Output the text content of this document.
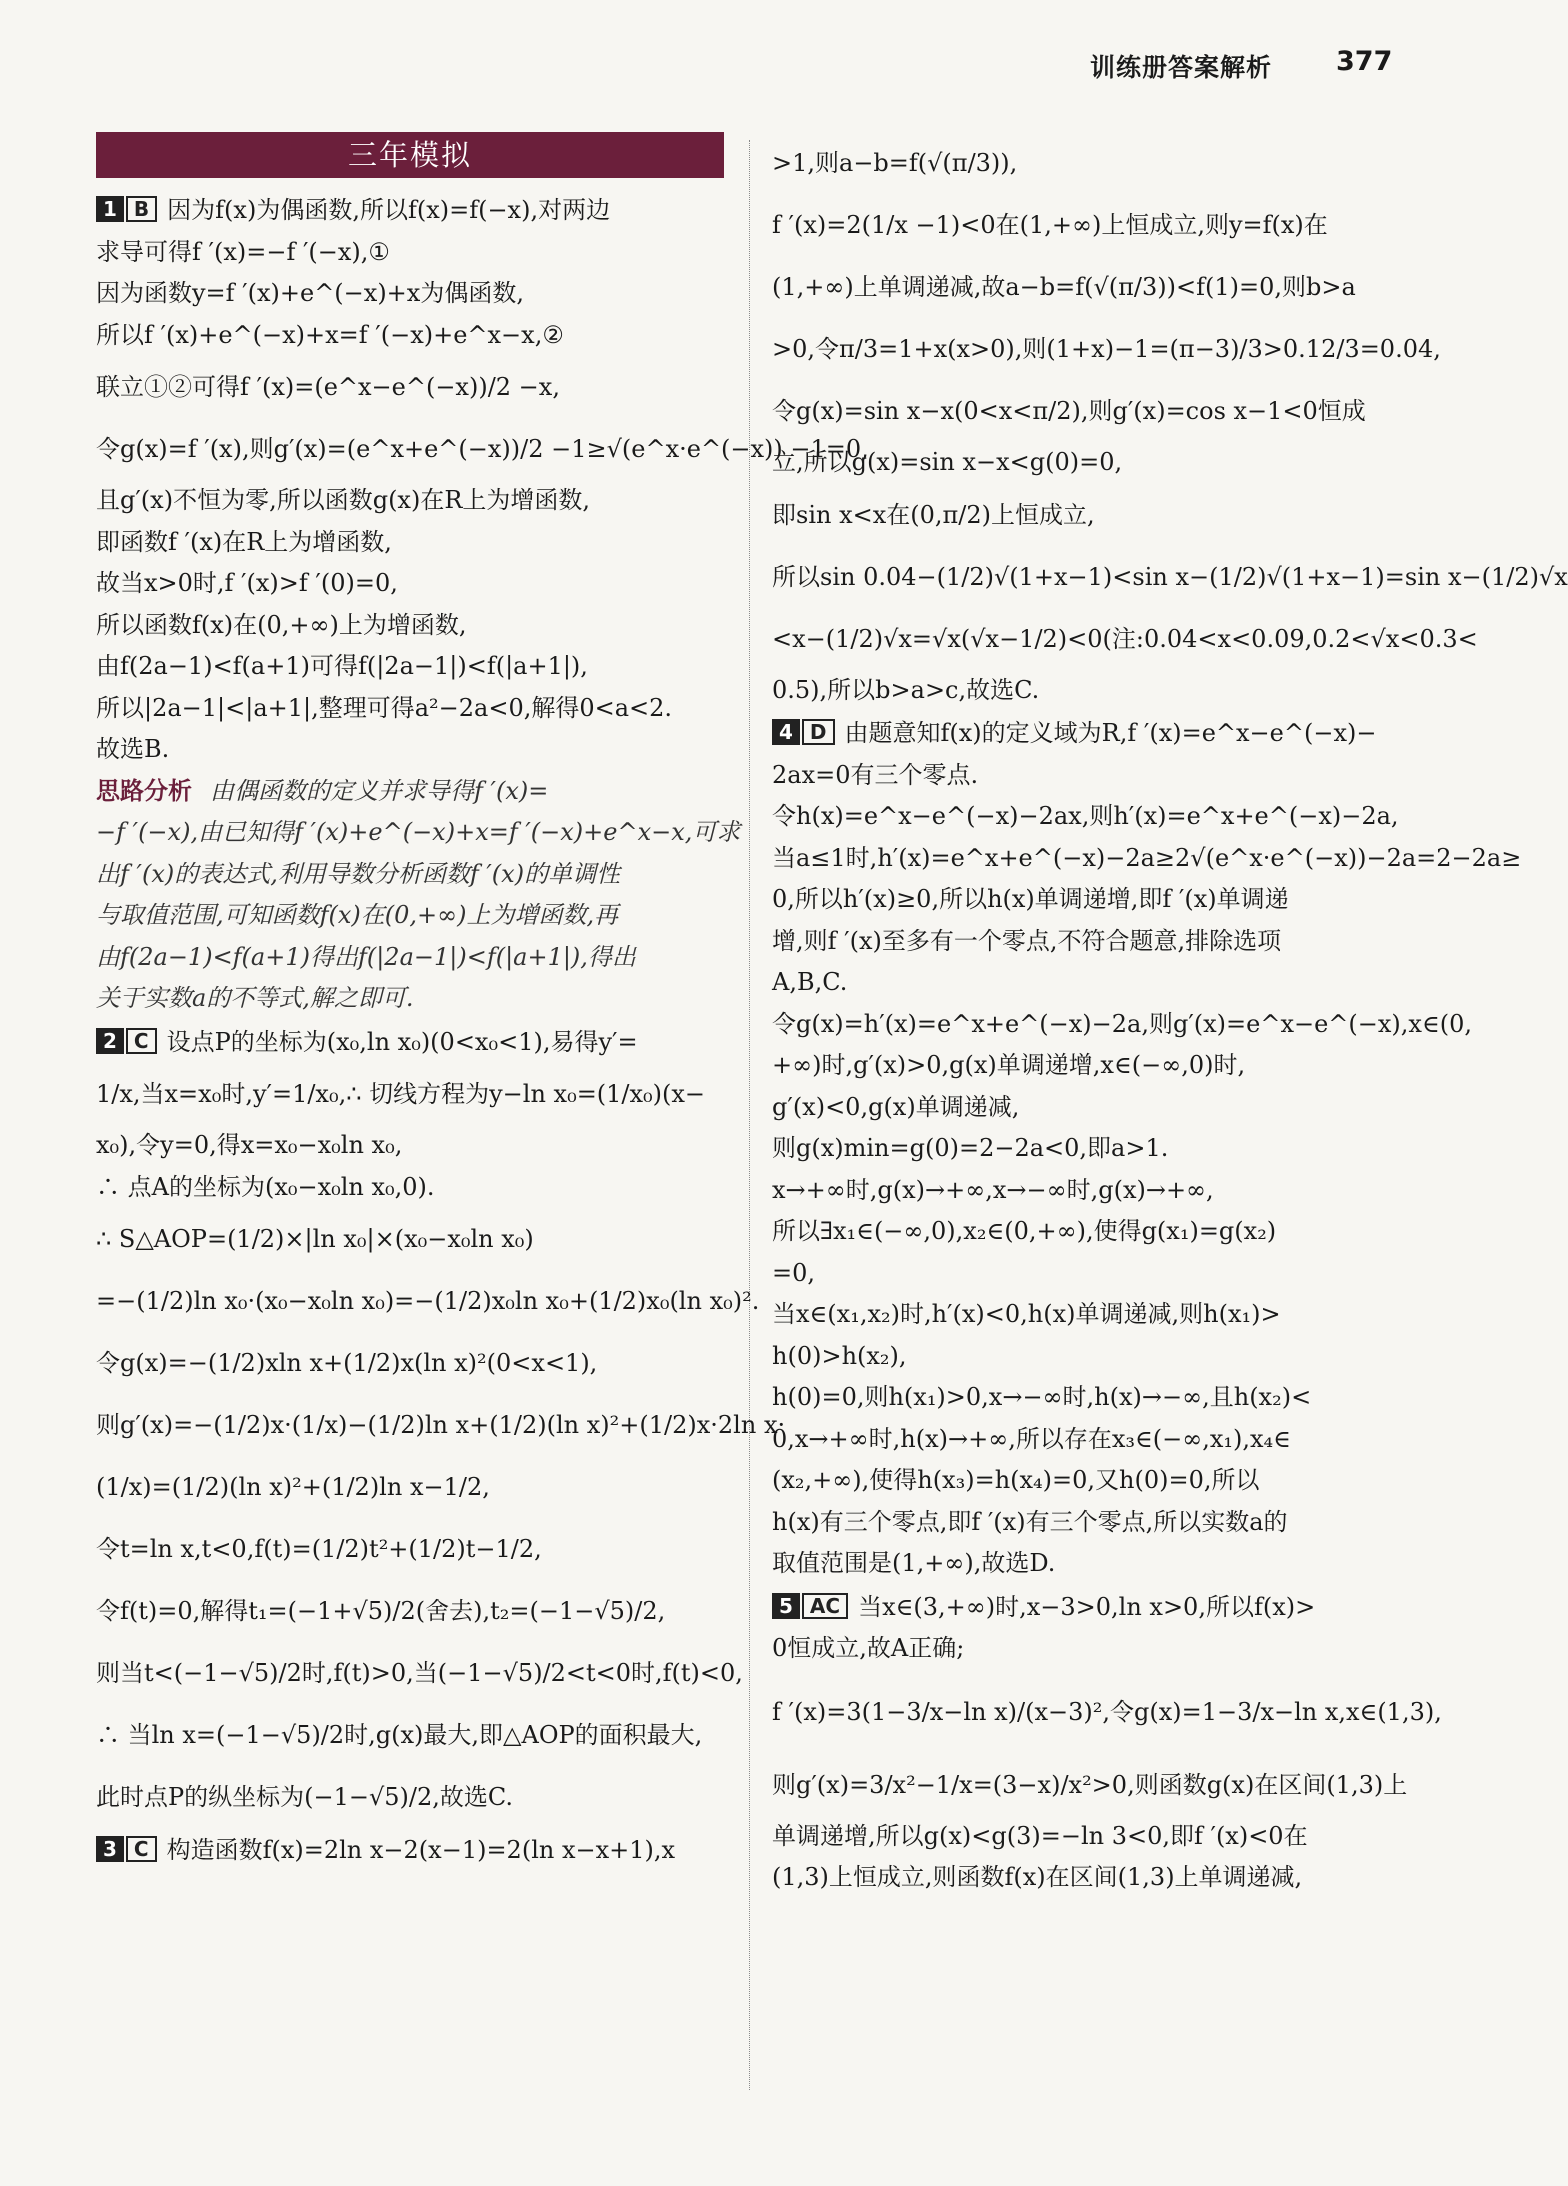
训练册答案解析 377
三年模拟
1 B 因为f(x)为偶函数,所以f(x)=f(−x),对两边
求导可得f ′(x)=−f ′(−x),①
因为函数y=f ′(x)+e^(−x)+x为偶函数,
所以f ′(x)+e^(−x)+x=f ′(−x)+e^x−x,②
联立①②可得f ′(x)=(e^x−e^(−x))/2 −x,
令g(x)=f ′(x),则g′(x)=(e^x+e^(−x))/2 −1≥√(e^x·e^(−x)) −1=0,
且g′(x)不恒为零,所以函数g(x)在R上为增函数,
即函数f ′(x)在R上为增函数,
故当x>0时,f ′(x)>f ′(0)=0,
所以函数f(x)在(0,+∞)上为增函数,
由f(2a−1)<f(a+1)可得f(|2a−1|)<f(|a+1|),
所以|2a−1|<|a+1|,整理可得a²−2a<0,解得0<a<2.
故选B.
思路分析 由偶函数的定义并求导得f ′(x)=
−f ′(−x),由已知得f ′(x)+e^(−x)+x=f ′(−x)+e^x−x,可求
出f ′(x)的表达式,利用导数分析函数f ′(x)的单调性
与取值范围,可知函数f(x)在(0,+∞)上为增函数,再
由f(2a−1)<f(a+1)得出f(|2a−1|)<f(|a+1|),得出
关于实数a的不等式,解之即可.
2 C 设点P的坐标为(x₀,ln x₀)(0<x₀<1),易得y′=
1/x,当x=x₀时,y′=1/x₀,∴ 切线方程为y−ln x₀=(1/x₀)(x−
x₀),令y=0,得x=x₀−x₀ln x₀,
∴ 点A的坐标为(x₀−x₀ln x₀,0).
∴ S△AOP=(1/2)×|ln x₀|×(x₀−x₀ln x₀)
=−(1/2)ln x₀·(x₀−x₀ln x₀)=−(1/2)x₀ln x₀+(1/2)x₀(ln x₀)².
令g(x)=−(1/2)xln x+(1/2)x(ln x)²(0<x<1),
则g′(x)=−(1/2)x·(1/x)−(1/2)ln x+(1/2)(ln x)²+(1/2)x·2ln x·
(1/x)=(1/2)(ln x)²+(1/2)ln x−1/2,
令t=ln x,t<0,f(t)=(1/2)t²+(1/2)t−1/2,
令f(t)=0,解得t₁=(−1+√5)/2(舍去),t₂=(−1−√5)/2,
则当t<(−1−√5)/2时,f(t)>0,当(−1−√5)/2<t<0时,f(t)<0,
∴ 当ln x=(−1−√5)/2时,g(x)最大,即△AOP的面积最大,
此时点P的纵坐标为(−1−√5)/2,故选C.
3 C 构造函数f(x)=2ln x−2(x−1)=2(ln x−x+1),x
>1,则a−b=f(√(π/3)),
f ′(x)=2(1/x −1)<0在(1,+∞)上恒成立,则y=f(x)在
(1,+∞)上单调递减,故a−b=f(√(π/3))<f(1)=0,则b>a
>0,令π/3=1+x(x>0),则(1+x)−1=(π−3)/3>0.12/3=0.04,
令g(x)=sin x−x(0<x<π/2),则g′(x)=cos x−1<0恒成
立,所以g(x)=sin x−x<g(0)=0,
即sin x<x在(0,π/2)上恒成立,
所以sin 0.04−(1/2)√(1+x−1)<sin x−(1/2)√(1+x−1)=sin x−(1/2)√x
<x−(1/2)√x=√x(√x−1/2)<0(注:0.04<x<0.09,0.2<√x<0.3<
0.5),所以b>a>c,故选C.
4 D 由题意知f(x)的定义域为R,f ′(x)=e^x−e^(−x)−
2ax=0有三个零点.
令h(x)=e^x−e^(−x)−2ax,则h′(x)=e^x+e^(−x)−2a,
当a≤1时,h′(x)=e^x+e^(−x)−2a≥2√(e^x·e^(−x))−2a=2−2a≥
0,所以h′(x)≥0,所以h(x)单调递增,即f ′(x)单调递
增,则f ′(x)至多有一个零点,不符合题意,排除选项
A,B,C.
令g(x)=h′(x)=e^x+e^(−x)−2a,则g′(x)=e^x−e^(−x),x∈(0,
+∞)时,g′(x)>0,g(x)单调递增,x∈(−∞,0)时,
g′(x)<0,g(x)单调递减,
则g(x)min=g(0)=2−2a<0,即a>1.
x→+∞时,g(x)→+∞,x→−∞时,g(x)→+∞,
所以∃x₁∈(−∞,0),x₂∈(0,+∞),使得g(x₁)=g(x₂)
=0,
当x∈(x₁,x₂)时,h′(x)<0,h(x)单调递减,则h(x₁)>
h(0)>h(x₂),
h(0)=0,则h(x₁)>0,x→−∞时,h(x)→−∞,且h(x₂)<
0,x→+∞时,h(x)→+∞,所以存在x₃∈(−∞,x₁),x₄∈
(x₂,+∞),使得h(x₃)=h(x₄)=0,又h(0)=0,所以
h(x)有三个零点,即f ′(x)有三个零点,所以实数a的
取值范围是(1,+∞),故选D.
5 AC 当x∈(3,+∞)时,x−3>0,ln x>0,所以f(x)>
0恒成立,故A正确;
f ′(x)=3(1−3/x−ln x)/(x−3)²,令g(x)=1−3/x−ln x,x∈(1,3),
则g′(x)=3/x²−1/x=(3−x)/x²>0,则函数g(x)在区间(1,3)上
单调递增,所以g(x)<g(3)=−ln 3<0,即f ′(x)<0在
(1,3)上恒成立,则函数f(x)在区间(1,3)上单调递减,
